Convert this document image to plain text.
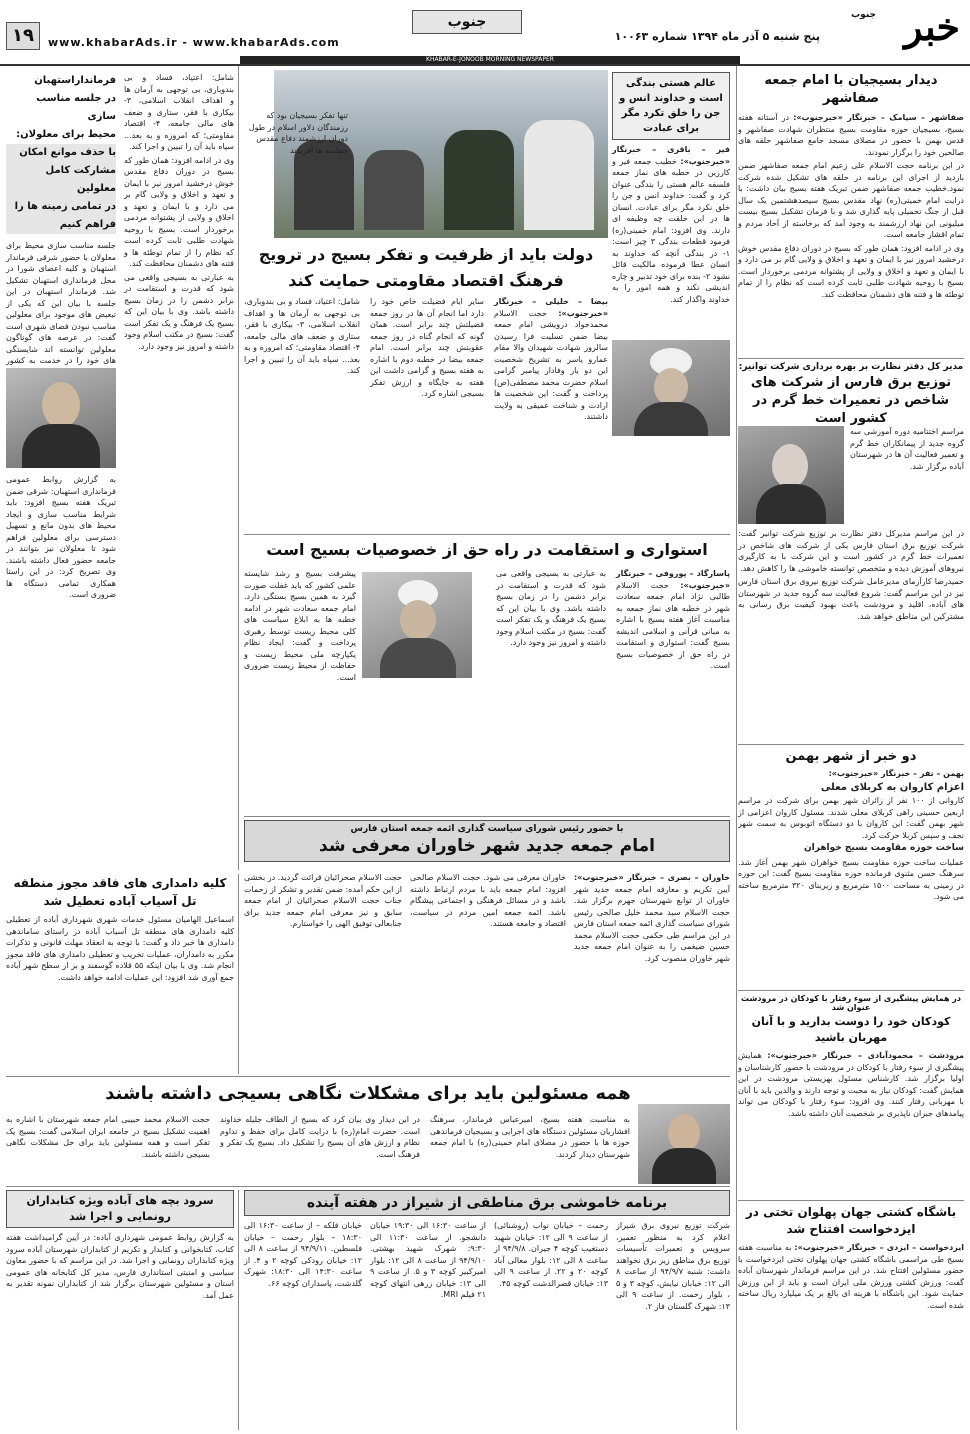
خبر
جنوب
پنج شنبه ۵ آذر ماه ۱۳۹۴ شماره ۱۰۰۶۳
جنوب
www.khabarAds.ir - www.khabarAds.com
۱۹
KHABAR-E-JONOOB MORNING NEWSPAPER
دیدار بسیجیان با امام جمعه صفاشهر

صفاشهر – سیامک – خبرنگار «خبرجنوب»: در آستانه هفته بسیج، بسیجیان حوزه مقاومت بسیج منتظران شهادت صفاشهر و قدس بهمن با حضور در مصلای مسجد جامع صفاشهر حلقه های صالحین خود را برگزار نمودند.

در این برنامه حجت الاسلام علی زعیم امام جمعه صفاشهر ضمن بازدید از اجرای این برنامه در حلقه های تشکیل شده شرکت نمود.خطیب جمعه صفاشهر ضمن تبریک هفته بسیج بیان داشت: با درایت امام خمینی(ره) نهاد مقدس بسیج سیصدهشتمین یک سال قبل از جنگ تحمیلی پایه گذاری شد و با فرمان تشکیل بسیج بیست میلیونی این نهاد ارزشمند به وجود آمد که برخاسته از آحاد مردم و تمام اقشار جامعه است.

وی در ادامه افزود: همان طور که بسیج در دوران دفاع مقدس خوش درخشید امروز نیز با ایمان و تعهد و اخلاق و ولایی گام بر می دارد و با ایمان و تعهد و اخلاق و ولایی از پشتوانه مردمی برخوردار است. بسیج با روحیه شهادت طلبی ثابت کرده است که نظام را از تمام توطئه ها و فتنه های دشمنان محافظت کند.

مدیر کل دفتر نظارت بر بهره برداری شرکت توانیر:
توزیع برق فارس از شرکت های شاخص در تعمیرات خط گرم در کشور است

مراسم اختتامیه دوره آموزشی سه گروه جدید از پیمانکاران خط گرم و تعمیر فعالیت آن ها در شهرستان آباده برگزار شد.

در این مراسم مدیرکل دفتر نظارت بر توزیع شرکت توانیر گفت: شرکت توزیع برق استان فارس یکی از شرکت های شاخص در تعمیرات خط گرم در کشور است و این شرکت با به کارگیری نیروهای آموزش دیده و متخصص توانسته خاموشی ها را کاهش دهد.

حمیدرضا کارآزمای مدیرعامل شرکت توزیع نیروی برق استان فارس نیز در این مراسم گفت: شروع فعالیت سه گروه جدید در شهرستان های آباده، اقلید و مرودشت باعث بهبود کیفیت برق رسانی به مشترکین این مناطق خواهد شد.

دو خبر از شهر بهمن

بهمن – نفر – خبرنگار «خبرجنوب»:

اعزام کاروان به کربلای معلی

کاروانی از ۱۰۰ نفر از زائران شهر بهمن برای شرکت در مراسم اربعین حسینی راهی کربلای معلی شدند. مسئول کاروان اعزامی از شهر بهمن گفت: این کاروان با دو دستگاه اتوبوس به سمت شهر نجف و سپس کربلا حرکت کرد.

ساخت حوزه مقاومت بسیج خواهران

عملیات ساخت حوزه مقاومت بسیج خواهران شهر بهمن آغاز شد. سرهنگ حسن مثنوی فرمانده حوزه مقاومت بسیج گفت: این حوزه در زمینی به مساحت ۱۵۰۰ مترمربع و زیربنای ۳۲۰ مترمربع ساخته می شود.

در همایش پیشگیری از سوء رفتار با کودکان در مرودشت عنوان شد
کودکان خود را دوست بدارید و با آنان مهربان باشید

مرودشت – محمودآبادی – خبرنگار «خبرجنوب»: همایش پیشگیری از سوء رفتار با کودکان در مرودشت با حضور کارشناسان و اولیا برگزار شد. کارشناس مسئول بهزیستی مرودشت در این همایش گفت: کودکان نیاز به محبت و توجه دارند و والدین باید با آنان با مهربانی رفتار کنند. وی افزود: سوء رفتار با کودکان می تواند پیامدهای جبران ناپذیری بر شخصیت آنان داشته باشد.

باشگاه کشتی جهان پهلوان تختی در ایزدخواست افتتاح شد

ایزدخواست – ایزدی – خبرنگار «خبرجنوب»: به مناسبت هفته بسیج طی مراسمی باشگاه کشتی جهان پهلوان تختی ایزدخواست با حضور مسئولین افتتاح شد. در این مراسم فرماندار شهرستان آباده گفت: ورزش کشتی ورزش ملی ایران است و باید از این ورزش حمایت شود. این باشگاه با هزینه ای بالغ بر یک میلیارد ریال ساخته شده است.

عالم هستی بندگی است و خداوند انس و جن را خلق تکرد مگر برای عبادت

فیر – باقری – خبرنگار «خبرجنوب»: خطیب جمعه فیر و کارزین در خطبه های نماز جمعه فلسفه عالم هستی را بندگی عنوان کرد و گفت: خداوند انس و جن را خلق نکرد مگر برای عبادت. انسان ها در این خلقت چه وظیفه ای دارند. وی افزود: امام خمینی(ره) فرمود قطعات بندگی ۳ چیز است: ۱- در بندگی آنچه که خداوند به انسان عطا فرموده مالکیت قائل نشود ۲- بنده برای خود تدبیر و چاره اندیشی نکند و همه امور را به خداوند واگذار کند.

تنها تفکر بسیجیان بود که رزمندگان دلاور اسلام در طول دوران ارزشمند دفاع مقدس حماسه ها آفریدند

دولت باید از ظرفیت و تفکر بسیج در ترویج فرهنگ اقتصاد مقاومتی حمایت کند

بیضا – خلیلی – خبرنگار «خبرجنوب»: حجت الاسلام محمدجواد درویشی امام جمعه بیضا ضمن تسلیت فرا رسیدن سالروز شهادت شهیدان والا مقام عمارو یاسر به تشریح شخصیت این دو یار وفادار پیامبر گرامی اسلام حضرت محمد مصطفی(ص) پرداخت و گفت: این شخصیت ها ارادت و شناخت عمیقی به ولایت داشتند.

سایر ایام فضیلت خاص خود را دارد اما انجام آن ها در روز جمعه فضیلتش چند برابر است. همان گونه که انجام گناه در روز جمعه عقوبتش چند برابر است. امام جمعه بیضا در خطبه دوم با اشاره به هفته بسیج و گرامی داشت این هفته به جایگاه و ارزش تفکر بسیجی اشاره کرد.

شامل: اعتیاد، فساد و بی بندوباری، بی توجهی به آرمان ها و اهداف انقلاب اسلامی، ۳- بیکاری با فقر، ستاری و ضعف های مالی جامعه، ۴- اقتصاد مقاومتی؛ که امروزه و به بعد... سپاه باید آن را تبیین و اجرا کند.

استواری و استقامت در راه حق از خصوصیات بسیج است

پاسارگاد – پوروفی – خبرنگار «خبرجنوب»: حجت الاسلام طالبی نژاد امام جمعه سعادت شهر در خطبه های نماز جمعه به مناسبت آغاز هفته بسیج با اشاره به مبانی قرآنی و اسلامی اندیشه بسیج گفت: استواری و استقامت در راه حق از خصوصیات بسیج است.

به عبارتی به بسیجی واقعی می شود که قدرت و استقامت در برابر دشمن را در زمان بسیج داشته باشد. وی با بیان این که بسیج یک فرهنگ و یک تفکر است گفت: بسیج در مکتب اسلام وجود داشته و امروز نیز وجود دارد.

پیشرفت بسیج و رشد شایسته علمی کشور که باید غفلت صورت گیرد به همین بسیج بستگی دارد. امام جمعه سعادت شهر در ادامه خطبه ها به ابلاغ سیاست های کلی محیط زیست توسط رهبری پرداخت و گفت: ایجاد نظام یکپارچه ملی محیط زیست و حفاظت از محیط زیست ضروری است.

فرمانداراستهبان
در جلسه مناسب سازی
محیط برای معلولان:
با حذف موانع امکان
مشارکت کامل معلولین
در تمامی زمینه ها را
فراهم کنیم

جلسه مناسب سازی محیط برای معلولان با حضور شرقی فرماندار استهبان و کلیه اعضای شورا در محل فرمانداری استهبان تشکیل شد. فرماندار استهبان در این جلسه با بیان این که یکی از تبعیض های موجود برای معلولین مناسب نبودن فضای شهری است گفت: در عرصه های گوناگون معلولین توانسته اند شایستگی های خود را در خدمت به کشور

به گزارش روابط عمومی فرمانداری استهبان: شرقی ضمن تبریک هفته بسیج افزود: باید شرایط مناسب سازی و ایجاد محیط های بدون مانع و تسهیل دسترسی برای معلولین فراهم شود تا معلولان نیز بتوانند در جامعه حضور فعال داشته باشند. وی تصریح کرد: در این راستا همکاری تمامی دستگاه ها ضروری است.

شامل: اعتیاد، فساد و بی بندوباری، بی توجهی به آرمان ها و اهداف انقلاب اسلامی، ۳- بیکاری با فقر، ستاری و ضعف های مالی جامعه، ۴- اقتصاد مقاومتی؛ که امروزه و به بعد... سپاه باید آن را تبیین و اجرا کند.

وی در ادامه افزود: همان طور که بسیج در دوران دفاع مقدس خوش درخشید امروز نیز با ایمان و تعهد و اخلاق و ولایی گام بر می دارد و با ایمان و تعهد و اخلاق و ولایی از پشتوانه مردمی برخوردار است. بسیج با روحیه شهادت طلبی ثابت کرده است که نظام را از تمام توطئه ها و فتنه های دشمنان محافظت کند.

به عبارتی به بسیجی واقعی می شود که قدرت و استقامت در برابر دشمن را در زمان بسیج داشته باشد. وی با بیان این که بسیج یک فرهنگ و یک تفکر است گفت: بسیج در مکتب اسلام وجود داشته و امروز نیز وجود دارد.

با حضور رئیس شورای سیاست گذاری ائمه جمعه استان فارس
امام جمعه جدید شهر خاوران معرفی شد

خاوران – بصری – خبرنگار «خبرجنوب»: آیین تکریم و معارفه امام جمعه جدید شهر خاوران از توابع شهرستان جهرم برگزار شد. حجت الاسلام سید محمد خلیل صالحی رئیس شورای سیاست گذاری ائمه جمعه استان فارس در این مراسم طی حکمی حجت الاسلام محمد حسین ضیغمی را به عنوان امام جمعه جدید شهر خاوران منصوب کرد.

خاوران معرفی می شود. حجت الاسلام صالحی افزود: امام جمعه باید با مردم ارتباط داشته باشد و در مسائل فرهنگی و اجتماعی پیشگام باشد. ائمه جمعه امین مردم در سیاست، اقتصاد و جامعه هستند.

حجت الاسلام صحرائیان قرائت گردید. در بخشی از این حکم آمده: ضمن تقدیر و تشکر از زحمات جناب حجت الاسلام صحرائیان از امام جمعه سابق و نیز معرفی امام جمعه جدید برای جنابعالی توفیق الهی را خواستارم.

کلیه دامداری های فاقد مجوز منطقه تل آسیاب آباده تعطیل شد

اسماعیل الهامیان مسئول خدمات شهری شهرداری آباده از تعطیلی کلیه دامداری های منطقه تل آسیاب آباده در راستای ساماندهی دامداری ها خبر داد و گفت: با توجه به انعقاد مهلت قانونی و تذکرات مکرر به دامداران، عملیات تخریب و تعطیلی دامداری های فاقد مجوز انجام شد. وی با بیان اینکه ۵۵ قلاده گوسفند و بز از سطح شهر آباده جمع آوری شد افزود: این عملیات ادامه خواهد داشت.

همه مسئولین باید برای مشکلات نگاهی بسیجی داشته باشند

به مناسبت هفته بسیج، امیرعباس فرماندار، سرهنگ افشاریان مسئولین دستگاه های اجرایی و بسیجیان فرماندهی حوزه ها با حضور در مصلای امام خمینی(ره) با امام جمعه شهرستان دیدار کردند.

در این دیدار وی بیان کرد که بسیج از الطاف جلیله خداوند است. حضرت امام(ره) با درایت کامل برای حفظ و تداوم نظام و ارزش های آن بسیج را تشکیل داد. بسیج یک تفکر و فرهنگ است.

حجت الاسلام محمد حبیبی امام جمعه شهرستان با اشاره به اهمیت تشکیل بسیج در جامعه ایران اسلامی گفت: بسیج یک تفکر است و همه مسئولین باید برای حل مشکلات نگاهی بسیجی داشته باشند.

برنامه خاموشی برق مناطقی از شیراز در هفته آینده

شرکت توزیع نیروی برق شیراز اعلام کرد به منظور تعمیر، سرویس و تعمیرات تأسیسات توزیع برق مناطق زیر برق نخواهند داشت: شنبه ۹۴/۹/۷ از ساعت ۸ الی ۱۲: خیابان نیایش، کوچه ۳ و ۵ ، بلوار رحمت. از ساعت ۹ الی ۱۳: شهرک گلستان فاز ۲.

رحمت – خیابان نواب (روشنائی) از ساعت ۹ الی ۱۲: خیابان شهید دستغیب کوچه ۴ جیران. ۹۴/۹/۸ از ساعت ۸ الی ۱۲: بلوار معالی آباد کوچه ۲۰ و ۲۲. از ساعت ۹ الی ۱۳: خیابان قصرالدشت کوچه ۴۵.

از ساعت ۱۶:۳۰ الی ۱۹:۳۰ خیابان دانشجو. از ساعت ۱۱:۳۰ الی ۹:۳۰: شهرک شهید بهشتی. ۹۴/۹/۱۰ از ساعت ۸ الی ۱۲: بلوار امیرکبیر کوچه ۳ و ۵. از ساعت ۹ الی ۱۳: خیابان زرهی انتهای کوچه ۲۱ فیلم MRI.

خیابان فلکه – از ساعت ۱۶:۳۰ الی ۱۸:۳۰ – بلوار رحمت – خیابان فلسطین. ۹۴/۹/۱۱ از ساعت ۸ الی ۱۲: خیابان رودکی کوچه ۲ و ۴. از ساعت ۱۴:۳۰ الی ۱۸:۳۰: شهرک گلدشت، پاسداران کوچه ۶۶.

سرود بچه های آباده ویژه کتابداران رونمایی و اجرا شد

به گزارش روابط عمومی شهرداری آباده: در آیین گرامیداشت هفته کتاب، کتابخوانی و کتابدار و تکریم از کتابداران شهرستان آباده سرود ویژه کتابداران رونمایی و اجرا شد. در این مراسم که با حضور معاون سیاسی و امنیتی استانداری فارس، مدیر کل کتابخانه های عمومی استان و مسئولین شهرستان برگزار شد از کتابداران نمونه تقدیر به عمل آمد.
